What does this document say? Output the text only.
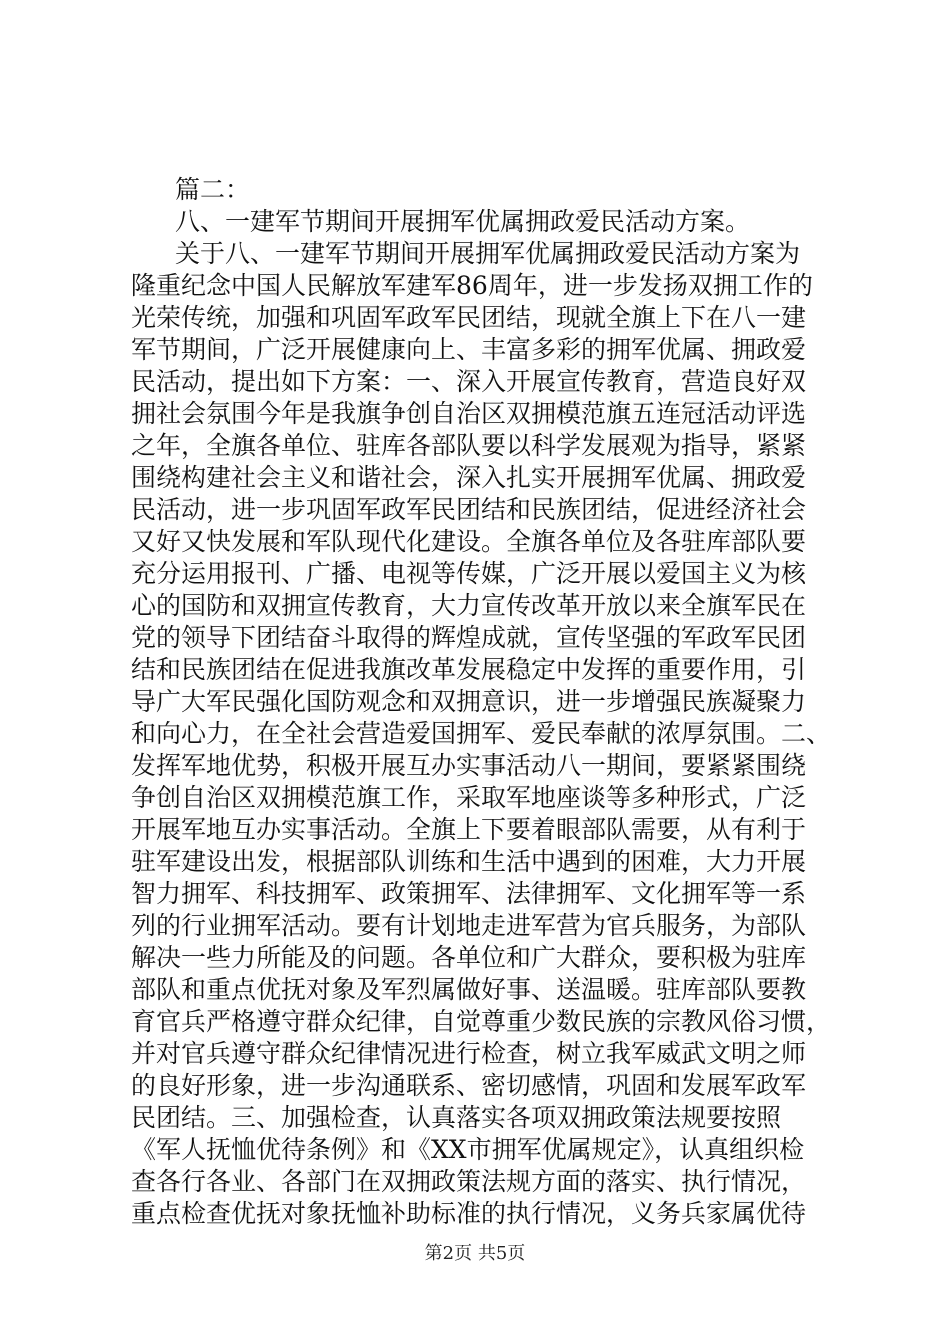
篇二：
八、一建军节期间开展拥军优属拥政爱民活动方案。
关于八、一建军节期间开展拥军优属拥政爱民活动方案为
隆重纪念中国人民解放军建军86周年，进一步发扬双拥工作的
光荣传统，加强和巩固军政军民团结，现就全旗上下在八一建
军节期间，广泛开展健康向上、丰富多彩的拥军优属、拥政爱
民活动，提出如下方案：一、深入开展宣传教育，营造良好双
拥社会氛围今年是我旗争创自治区双拥模范旗五连冠活动评选
之年，全旗各单位、驻库各部队要以科学发展观为指导，紧紧
围绕构建社会主义和谐社会，深入扎实开展拥军优属、拥政爱
民活动，进一步巩固军政军民团结和民族团结，促进经济社会
又好又快发展和军队现代化建设。全旗各单位及各驻库部队要
充分运用报刊、广播、电视等传媒，广泛开展以爱国主义为核
心的国防和双拥宣传教育，大力宣传改革开放以来全旗军民在
党的领导下团结奋斗取得的辉煌成就，宣传坚强的军政军民团
结和民族团结在促进我旗改革发展稳定中发挥的重要作用，引
导广大军民强化国防观念和双拥意识，进一步增强民族凝聚力
和向心力，在全社会营造爱国拥军、爱民奉献的浓厚氛围。二、
发挥军地优势，积极开展互办实事活动八一期间，要紧紧围绕
争创自治区双拥模范旗工作，采取军地座谈等多种形式，广泛
开展军地互办实事活动。全旗上下要着眼部队需要，从有利于
驻军建设出发，根据部队训练和生活中遇到的困难，大力开展
智力拥军、科技拥军、政策拥军、法律拥军、文化拥军等一系
列的行业拥军活动。要有计划地走进军营为官兵服务，为部队
解决一些力所能及的问题。各单位和广大群众，要积极为驻库
部队和重点优抚对象及军烈属做好事、送温暖。驻库部队要教
育官兵严格遵守群众纪律，自觉尊重少数民族的宗教风俗习惯，
并对官兵遵守群众纪律情况进行检查，树立我军威武文明之师
的良好形象，进一步沟通联系、密切感情，巩固和发展军政军
民团结。三、加强检查，认真落实各项双拥政策法规要按照
《军人抚恤优待条例》和《XX市拥军优属规定》，认真组织检
查各行各业、各部门在双拥政策法规方面的落实、执行情况，
重点检查优抚对象抚恤补助标准的执行情况，义务兵家属优待
第2页 共5页
